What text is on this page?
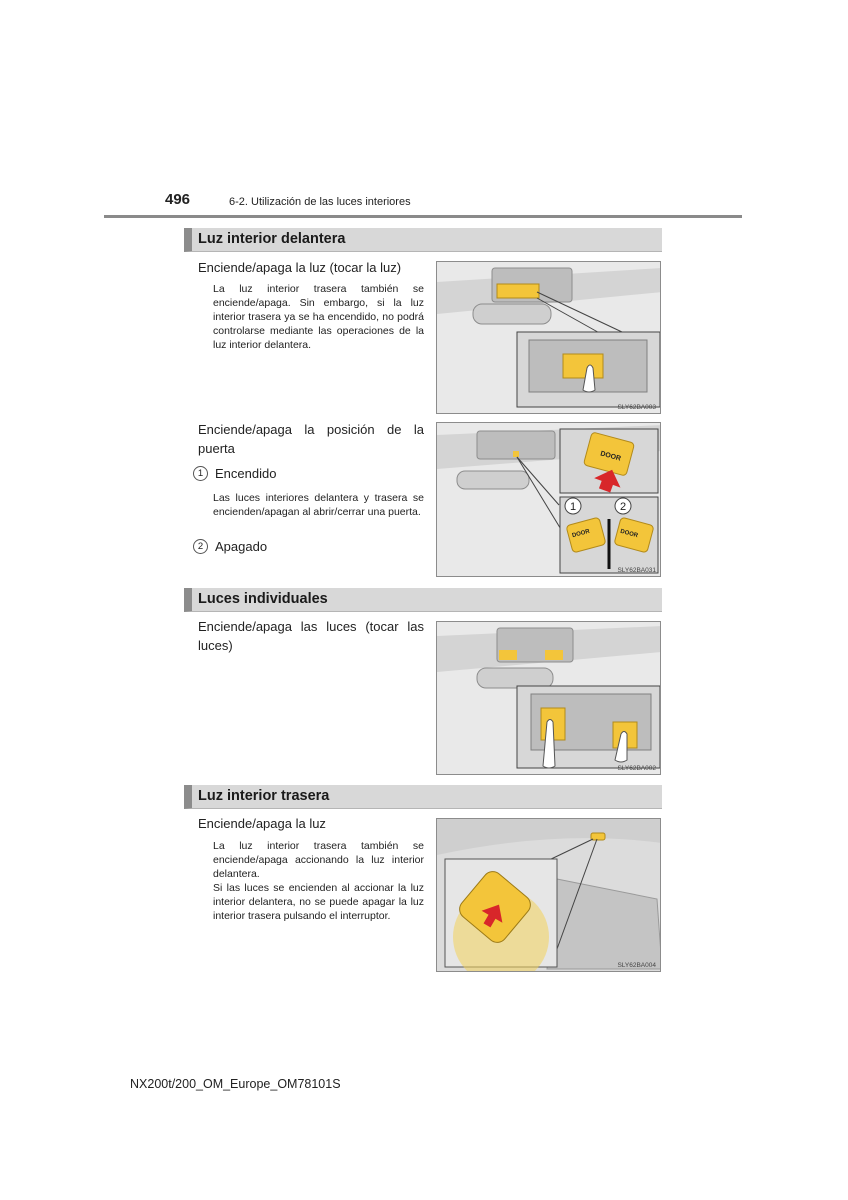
496	6-2. Utilización de las luces interiores
Luz interior delantera
Enciende/apaga la luz (tocar la luz)
La luz interior trasera también se enciende/apaga. Sin embargo, si la luz interior trasera ya se ha encendido, no podrá controlarse mediante las operaciones de la luz interior delantera.
SLY62BA003
Enciende/apaga la posición de la puerta
1 Encendido
Las luces interiores delantera y trasera se encienden/apagan al abrir/cerrar una puerta.
2 Apagado
1	2
DOOR
DOOR	DOOR
SLY62BA031
Luces individuales
Enciende/apaga las luces (tocar las luces)
SLY62BA002
Luz interior trasera
Enciende/apaga la luz
La luz interior trasera también se enciende/apaga accionando la luz interior delantera.
Si las luces se encienden al accionar la luz interior delantera, no se puede apagar la luz interior trasera pulsando el interruptor.
SLY62BA004
NX200t/200_OM_Europe_OM78101S
